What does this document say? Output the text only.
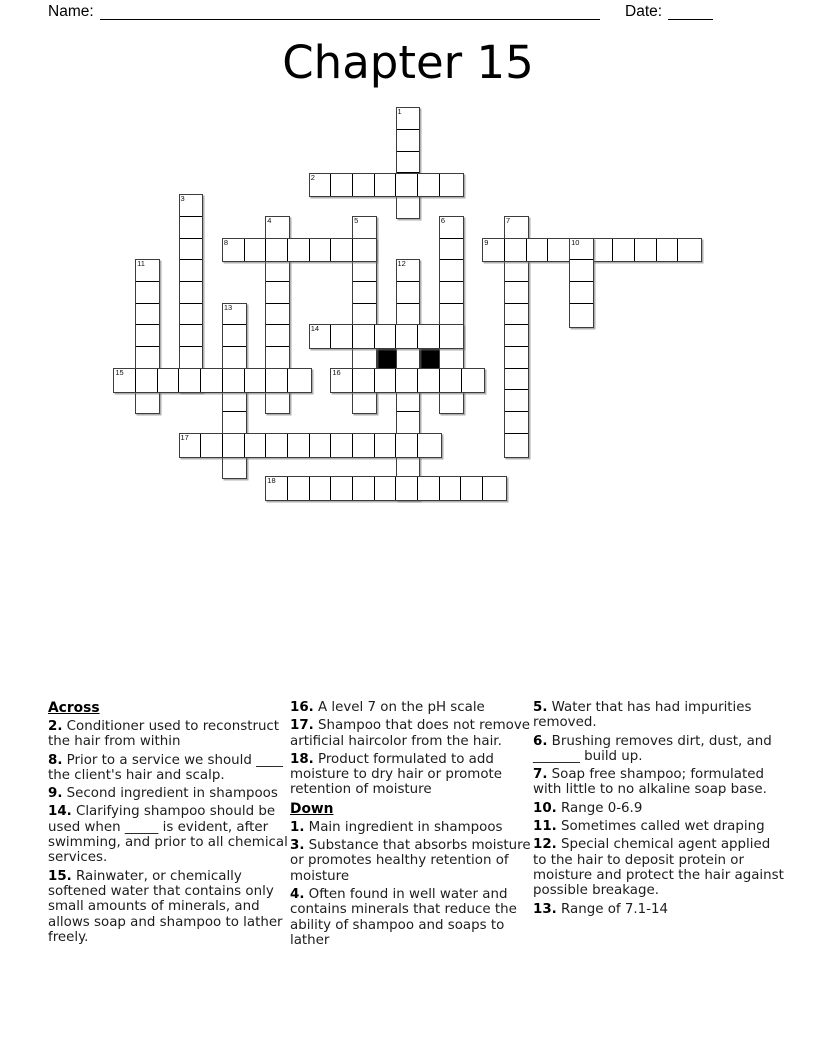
Name:	Date:
Chapter 15
1
2
3
4	5	6	7
8	9	10
11	12
13
14
15	16
17
18
Across

2. Conditioner used to reconstruct the hair from within

8. Prior to a service we should ____ the client's hair and scalp.

9. Second ingredient in shampoos

14. Clarifying shampoo should be used when _____ is evident, after swimming, and prior to all chemical services.

15. Rainwater, or chemically softened water that contains only small amounts of minerals, and allows soap and shampoo to lather freely.

16. A level 7 on the pH scale

17. Shampoo that does not remove artificial haircolor from the hair.

18. Product formulated to add moisture to dry hair or promote retention of moisture

Down

1. Main ingredient in shampoos

3. Substance that absorbs moisture or promotes healthy retention of moisture

4. Often found in well water and contains minerals that reduce the ability of shampoo and soaps to lather

5. Water that has had impurities removed.

6. Brushing removes dirt, dust, and _______ build up.

7. Soap free shampoo; formulated with little to no alkaline soap base.

10. Range 0-6.9

11. Sometimes called wet draping

12. Special chemical agent applied to the hair to deposit protein or moisture and protect the hair against possible breakage.

13. Range of 7.1-14
